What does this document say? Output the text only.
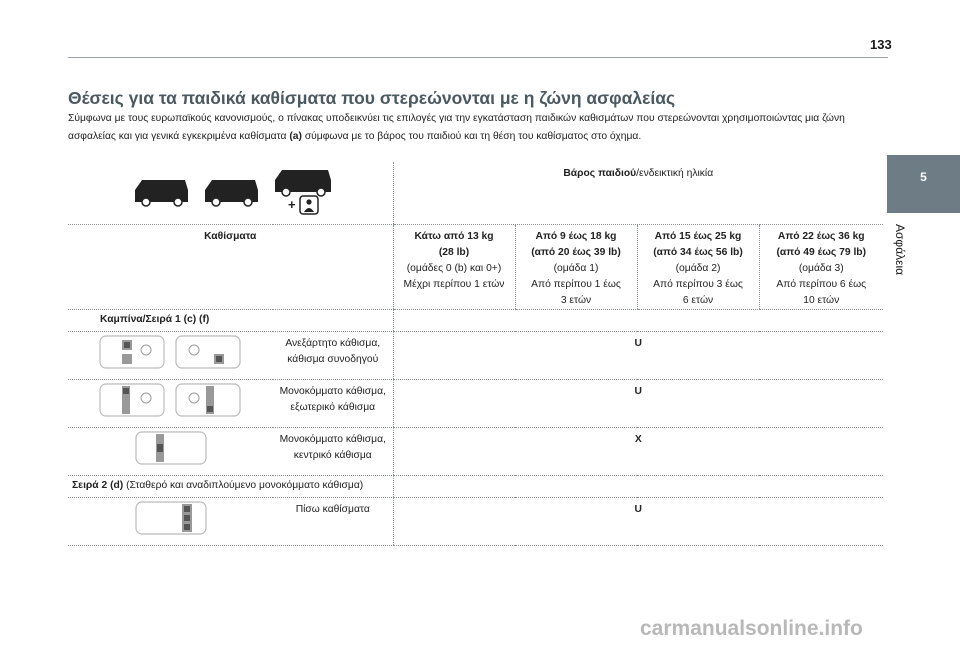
133
5
Ασφάλεια
Θέσεις για τα παιδικά καθίσματα που στερεώνονται με η ζώνη ασφαλείας
Σύμφωνα με τους ευρωπαϊκούς κανονισμούς, ο πίνακας υποδεικνύει τις επιλογές για την εγκατάσταση παιδικών καθισμάτων που στερεώνονται χρησιμοποιώντας μια ζώνη ασφαλείας και για γενικά εγκεκριμένα καθίσματα (a) σύμφωνα με το βάρος του παιδιού και τη θέση του καθίσματος στο όχημα.
+		Βάρος παιδιού/ενδεικτική ηλικία			
Καθίσματα		Κάτω από 13 kg
(28 lb)
(ομάδες 0 (b) και 0+)
Μέχρι περίπου 1 ετών	Από 9 έως 18 kg
(από 20 έως 39 lb)
(ομάδα 1)
Από περίπου 1 έως
3 ετών	Από 15 έως 25 kg
(από 34 έως 56 lb)
(ομάδα 2)
Από περίπου 3 έως
6 ετών	Από 22 έως 36 kg
(από 49 έως 79 lb)
(ομάδα 3)
Από περίπου 6 έως
10 ετών
Καμπίνα/Σειρά 1 (c) (f)					
	Ανεξάρτητο κάθισμα,
κάθισμα συνοδηγού	U			
	Μονοκόμματο κάθισμα,
εξωτερικό κάθισμα	U			
	Μονοκόμματο κάθισμα,
κεντρικό κάθισμα	X			
Σειρά 2 (d) (Σταθερό και αναδιπλούμενο μονοκόμματο κάθισμα)					
	Πίσω καθίσματα	U			
carmanualsonline.info
